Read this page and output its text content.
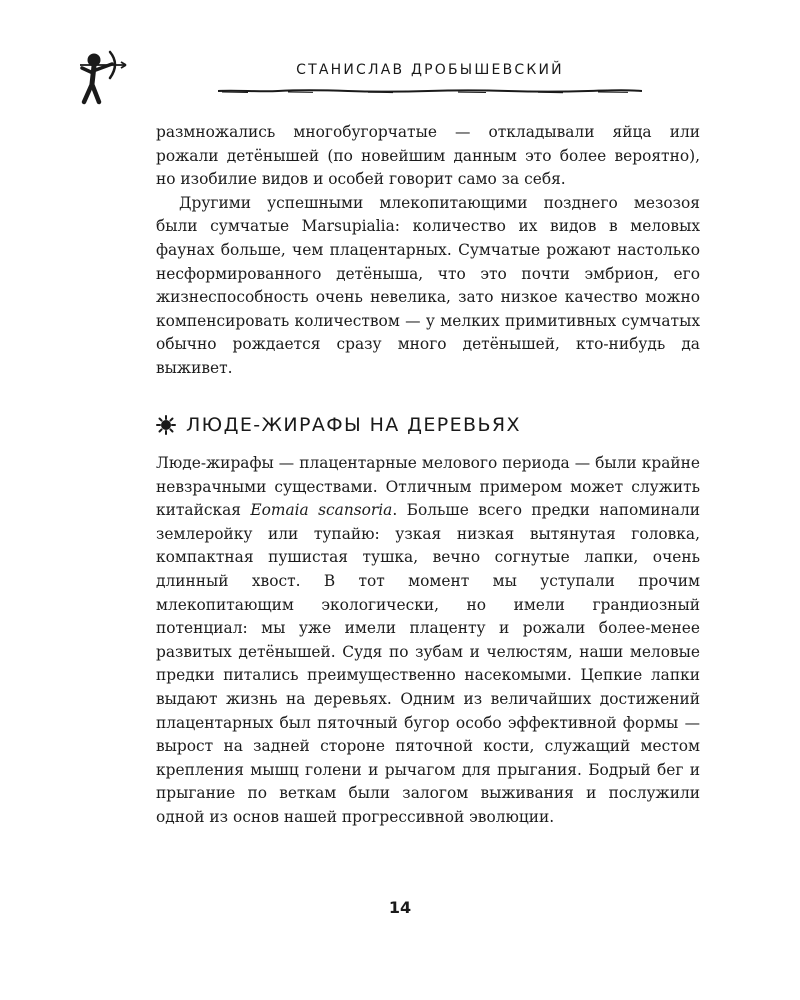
СТАНИСЛАВ ДРОБЫШЕВСКИЙ

размножались многобугорчатые — откладывали яйца или рожали детёнышей (по новейшим данным это более вероятно), но изобилие видов и особей говорит само за себя.

Другими успешными млекопитающими позднего мезозоя были сумчатые Marsupialia: количество их видов в меловых фаунах больше, чем плацентарных. Сумчатые рожают настолько несформированного детёныша, что это почти эмбрион, его жизнеспособность очень невелика, зато низкое качество можно компенсировать количеством — у мелких примитивных сумчатых обычно рождается сразу много детёнышей, кто-нибудь да выживет.

ЛЮДЕ-ЖИРАФЫ НА ДЕРЕВЬЯХ

Люде-жирафы — плацентарные мелового периода — были крайне невзрачными существами. Отличным примером может служить китайская Eomaia scansoria. Больше всего предки напоминали землеройку или тупайю: узкая низкая вытянутая головка, компактная пушистая тушка, вечно согнутые лапки, очень длинный хвост. В тот момент мы уступали прочим млекопитающим экологически, но имели грандиозный потенциал: мы уже имели плаценту и рожали более-менее развитых детёнышей. Судя по зубам и челюстям, наши меловые предки питались преимущественно насекомыми. Цепкие лапки выдают жизнь на деревьях. Одним из величайших достижений плацентарных был пяточный бугор особо эффективной формы — вырост на задней стороне пяточной кости, служащий местом крепления мышц голени и рычагом для прыгания. Бодрый бег и прыгание по веткам были залогом выживания и послужили одной из основ нашей прогрессивной эволюции.

14
